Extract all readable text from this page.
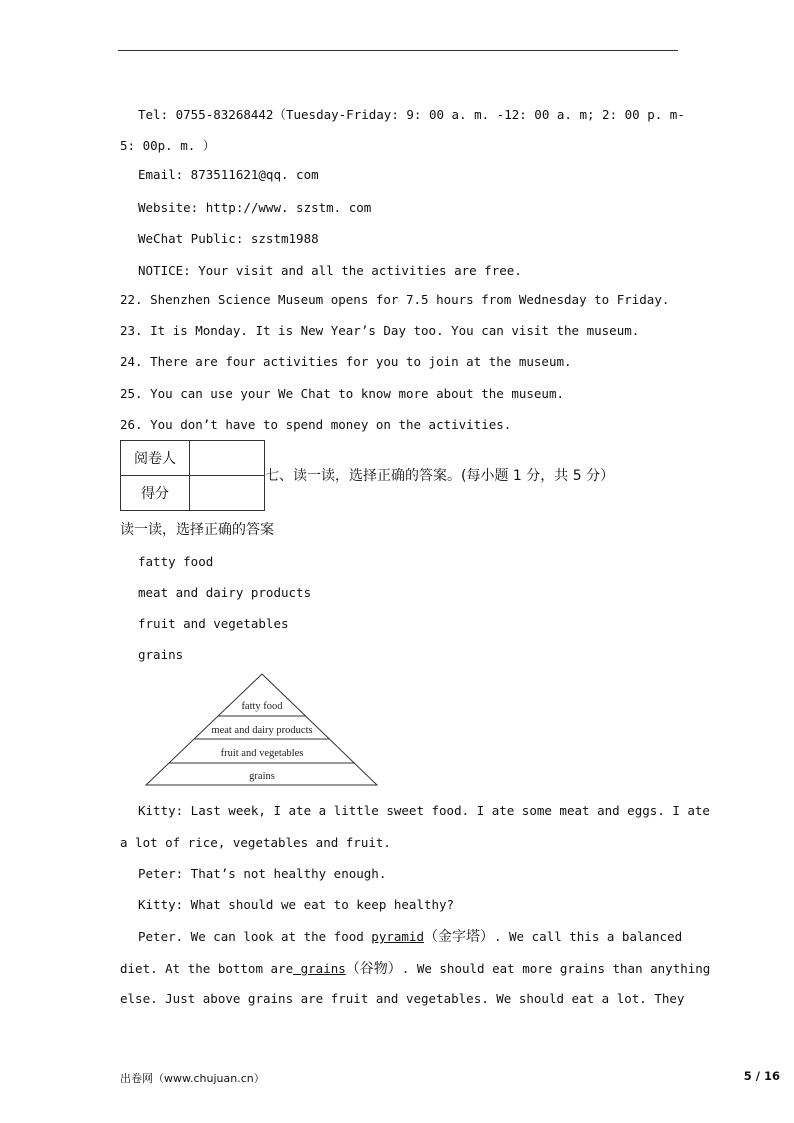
Tel: 0755-83268442（Tuesday-Friday: 9: 00 a. m. -12: 00 a. m; 2: 00 p. m-
5: 00p. m. ）
Email: 873511621@qq. com
Website: http://www. szstm. com
WeChat Public: szstm1988
NOTICE: Your visit and all the activities are free.
22. Shenzhen Science Museum opens for 7.5 hours from Wednesday to Friday.
23. It is Monday. It is New Year’s Day too. You can visit the museum.
24. There are four activities for you to join at the museum.
25. You can use your We Chat to know more about the museum.
26. You don’t have to spend money on the activities.
阅卷人	
得分	
七、读一读，选择正确的答案。(每小题 1 分，共 5 分）
读一读，选择正确的答案
fatty food
meat and dairy products
fruit and vegetables
grains
fatty food
meat and dairy products
fruit and vegetables
grains
Kitty: Last week, I ate a little sweet food. I ate some meat and eggs. I ate
a lot of rice, vegetables and fruit.
Peter: That’s not healthy enough.
Kitty: What should we eat to keep healthy?
Peter. We can look at the food pyramid（金字塔）. We call this a balanced
diet. At the bottom are grains（谷物）. We should eat more grains than anything
else. Just above grains are fruit and vegetables. We should eat a lot. They
出卷网（www.chujuan.cn）	5 / 16
